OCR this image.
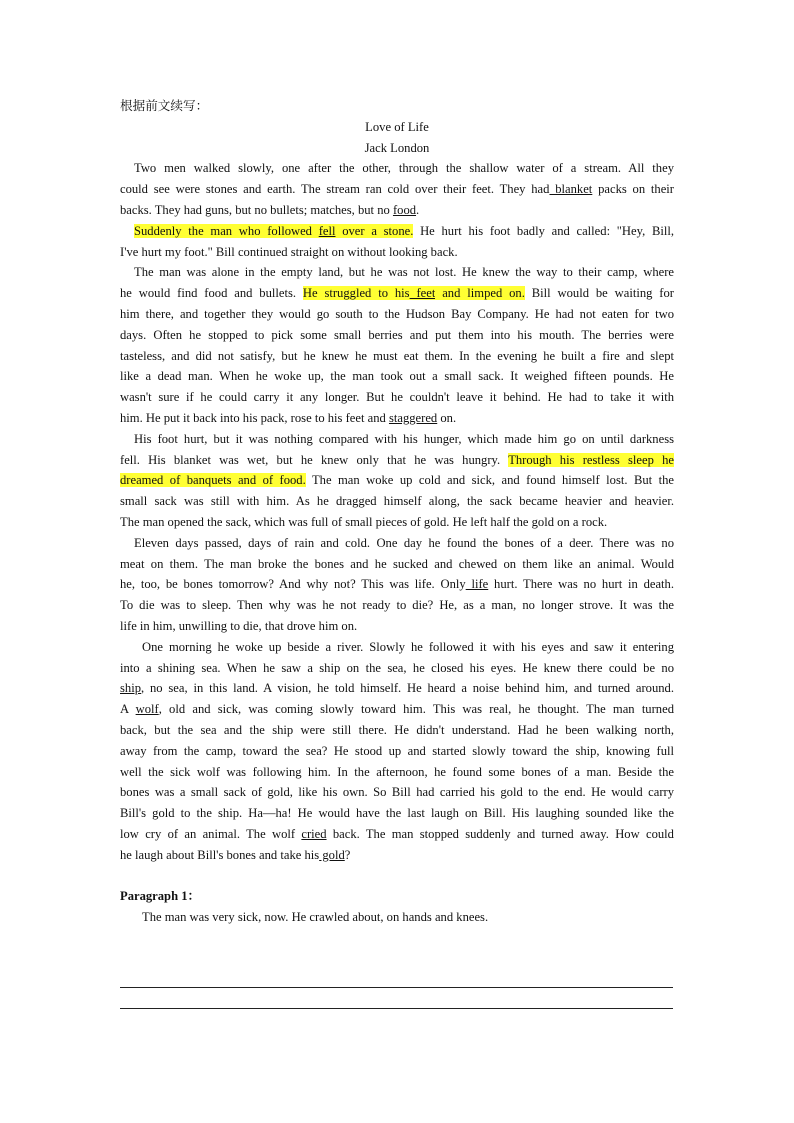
根据前文续写：
Love of Life
Jack London
Two men walked slowly, one after the other, through the shallow water of a stream. All they
could see were stones and earth. The stream ran cold over their feet. They had blanket packs on their
backs. They had guns, but no bullets; matches, but no food.
Suddenly the man who followed fell over a stone. He hurt his foot badly and called: "Hey, Bill,
I've hurt my foot." Bill continued straight on without looking back.
The man was alone in the empty land, but he was not lost. He knew the way to their camp, where
he would find food and bullets. He struggled to his feet and limped on. Bill would be waiting for
him there, and together they would go south to the Hudson Bay Company. He had not eaten for two
days. Often he stopped to pick some small berries and put them into his mouth. The berries were
tasteless, and did not satisfy, but he knew he must eat them. In the evening he built a fire and slept
like a dead man. When he woke up, the man took out a small sack. It weighed fifteen pounds. He
wasn't sure if he could carry it any longer. But he couldn't leave it behind. He had to take it with
him. He put it back into his pack, rose to his feet and staggered on.
His foot hurt, but it was nothing compared with his hunger, which made him go on until darkness
fell. His blanket was wet, but he knew only that he was hungry. Through his restless sleep he
dreamed of banquets and of food. The man woke up cold and sick, and found himself lost. But the
small sack was still with him. As he dragged himself along, the sack became heavier and heavier.
The man opened the sack, which was full of small pieces of gold. He left half the gold on a rock.
Eleven days passed, days of rain and cold. One day he found the bones of a deer. There was no
meat on them. The man broke the bones and he sucked and chewed on them like an animal. Would
he, too, be bones tomorrow? And why not? This was life. Only life hurt. There was no hurt in death.
To die was to sleep. Then why was he not ready to die? He, as a man, no longer strove. It was the
life in him, unwilling to die, that drove him on.
One morning he woke up beside a river. Slowly he followed it with his eyes and saw it entering
into a shining sea. When he saw a ship on the sea, he closed his eyes. He knew there could be no
ship, no sea, in this land. A vision, he told himself. He heard a noise behind him, and turned around.
A wolf, old and sick, was coming slowly toward him. This was real, he thought. The man turned
back, but the sea and the ship were still there. He didn't understand. Had he been walking north,
away from the camp, toward the sea? He stood up and started slowly toward the ship, knowing full
well the sick wolf was following him. In the afternoon, he found some bones of a man. Beside the
bones was a small sack of gold, like his own. So Bill had carried his gold to the end. He would carry
Bill's gold to the ship. Ha—ha! He would have the last laugh on Bill. His laughing sounded like the
low cry of an animal. The wolf cried back. The man stopped suddenly and turned away. How could
he laugh about Bill's bones and take his gold?
Paragraph 1：
The man was very sick, now. He crawled about, on hands and knees.
